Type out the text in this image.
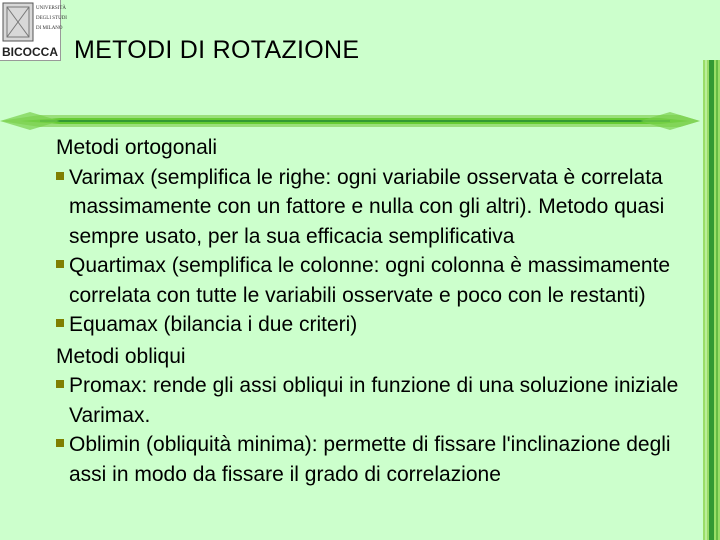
UNIVERSITÀ
DEGLI STUDI
DI MILANO
BICOCCA METODI DI ROTAZIONE
Metodi ortogonali
Varimax (semplifica le righe: ogni variabile osservata è correlata massimamente con un fattore e nulla con gli altri). Metodo quasi sempre usato, per la sua efficacia semplificativa
Quartimax (semplifica le colonne: ogni colonna è massimamente correlata con tutte le variabili osservate e poco con le restanti)
Equamax (bilancia i due criteri)
Metodi obliqui
Promax: rende gli assi obliqui in funzione di una soluzione iniziale Varimax.
Oblimin (obliquità minima): permette di fissare l'inclinazione degli assi in modo da fissare il grado di correlazione
